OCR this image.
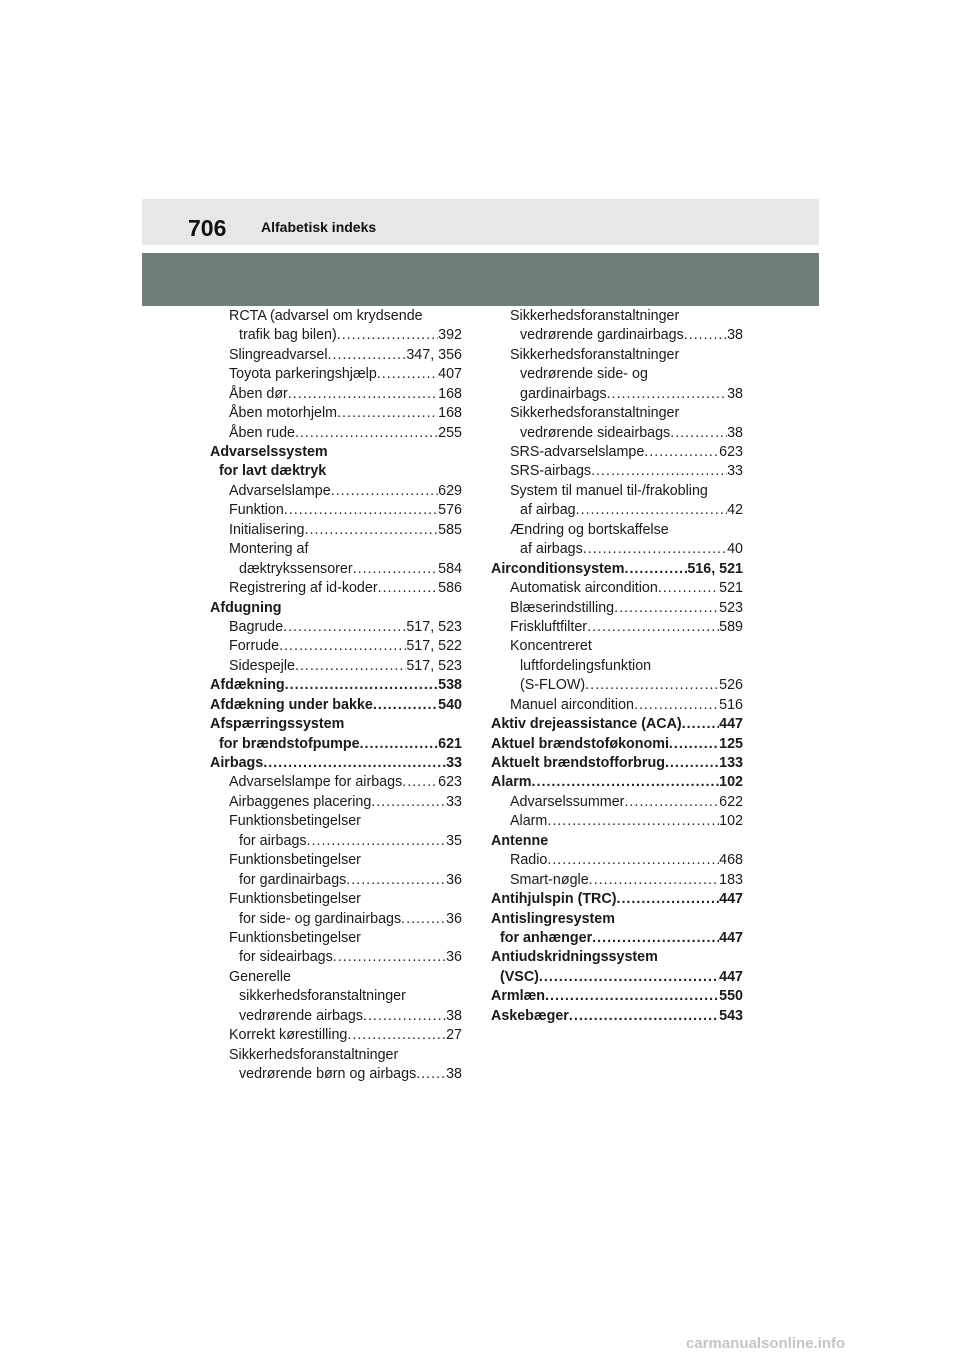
706 Alfabetisk indeks
RCTA (advarsel om krydsende
trafik bag bilen) .....	392
Slingreadvarsel .....	347, 356
Toyota parkeringshjælp .....	407
Åben dør .....	168
Åben motorhjelm .....	168
Åben rude .....	255
Advarselssystem
for lavt dæktryk
Advarselslampe .....	629
Funktion .....	576
Initialisering .....	585
Montering af
dæktrykssensorer .....	584
Registrering af id-koder .....	586
Afdugning
Bagrude .....	517, 523
Forrude .....	517, 522
Sidespejle .....	517, 523
Afdækning .....	538
Afdækning under bakke .....	540
Afspærringssystem
for brændstofpumpe .....	621
Airbags .....	33
Advarselslampe for airbags .....	623
Airbaggenes placering .....	33
Funktionsbetingelser
for airbags .....	35
Funktionsbetingelser
for gardinairbags .....	36
Funktionsbetingelser
for side- og gardinairbags .....	36
Funktionsbetingelser
for sideairbags .....	36
Generelle
sikkerhedsforanstaltninger
vedrørende airbags .....	38
Korrekt kørestilling .....	27
Sikkerhedsforanstaltninger
vedrørende børn og airbags ..... 38
Sikkerhedsforanstaltninger
vedrørende gardinairbags .....	38
Sikkerhedsforanstaltninger
vedrørende side- og
gardinairbags .....	38
Sikkerhedsforanstaltninger
vedrørende sideairbags .....	38
SRS-advarselslampe .....	623
SRS-airbags .....	33
System til manuel til-/frakobling
af airbag .....	42
Ændring og bortskaffelse
af airbags .....	40
Airconditionsystem .....	516, 521
Automatisk aircondition .....	521
Blæserindstilling .....	523
Friskluftfilter .....	589
Koncentreret
luftfordelingsfunktion
(S-FLOW) .....	526
Manuel aircondition .....	516
Aktiv drejeassistance (ACA) .....	447
Aktuel brændstoføkonomi .....	125
Aktuelt brændstofforbrug .....	133
Alarm .....	102
Advarselssummer .....	622
Alarm .....	102
Antenne
Radio .....	468
Smart-nøgle .....	183
Antihjulspin (TRC) .....	447
Antislingresystem
for anhænger .....	447
Antiudskridningssystem
(VSC) .....	447
Armlæn .....	550
Askebæger .....	543
carmanualsonline.info
